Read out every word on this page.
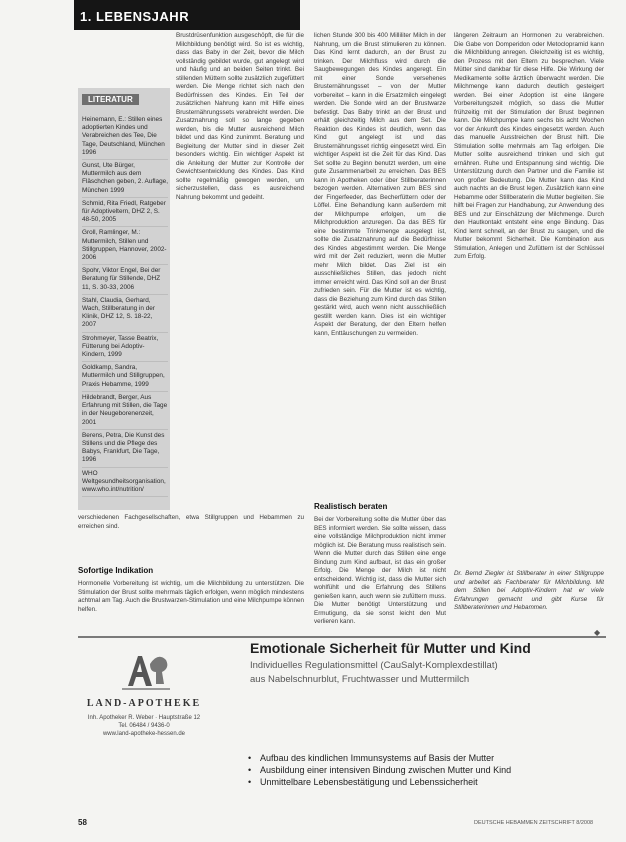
1. LEBENSJAHR
LITERATUR
Heinemann, E.: Stillen eines adoptierten Kindes und Verabreichen des Tee, Die Tage, Deutschland, München 1996
Gunst, Ute Bürger, Muttermilch aus dem Fläschchen geben, 2. Auflage, München 1999
Schmid, Rita Friedl, Ratgeber für Adoptiveltern, DHZ 2, S. 48-50, 2005
Groll, Ramlinger, M.: Muttermilch, Stillen und Stillgruppen, Hannover, 2002-2006
Spohr, Viktor Engel, Bei der Beratung für Stillende, DHZ 11, S. 30-33, 2006
Stahl, Claudia, Gerhard, Wach, Stillberatung in der Klinik, DHZ 12, S. 18-22, 2007
Strohmeyer, Tasse Beatrix, Fütterung bei Adoptiv-Kindern, 1999
Goldkamp, Sandra, Muttermilch und Stillgruppen, Praxis Hebamme, 1999
Hildebrandt, Berger, Aus Erfahrung mit Stillen, die Tage in der Neugeborenenzeit, 2001
Berens, Petra, Die Kunst des Stillens und die Pflege des Babys, Frankfurt, Die Tage, 1996
WHO Weltgesundheitsorganisation, www.who.int/nutrition/

Brustdrüsenfunktion ausgeschöpft, die für die Milchbildung benötigt wird. So ist es wichtig, dass das Baby in der Zeit, bevor die Milch vollständig gebildet wurde, gut angelegt wird und häufig und an beiden Seiten trinkt. Bei stillenden Müttern sollte zusätzlich zugefüttert werden. Die Menge richtet sich nach den Bedürfnissen des Kindes. Ein Teil der zusätzlichen Nahrung kann mit Hilfe eines Brusternährungssets verabreicht werden. Die Zusatznahrung soll so lange gegeben werden, bis die Mutter ausreichend Milch bildet und das Kind zunimmt. Beratung und Begleitung der Mutter sind in dieser Zeit besonders wichtig. Ein wichtiger Aspekt ist die Anleitung der Mutter zur Kontrolle der Gewichtsentwicklung des Kindes. Das Kind sollte regelmäßig gewogen werden, um sicherzustellen, dass es ausreichend Nahrung bekommt und gedeiht.

verschiedenen Fachgesellschaften, etwa Stillgruppen und Hebammen zu erreichen sind.

Sofortige Indikation

Hormonelle Vorbereitung ist wichtig, um die Milchbildung zu unterstützen. Die Stimulation der Brust sollte mehrmals täglich erfolgen, wenn möglich mindestens achtmal am Tag. Auch die Brustwarzen-Stimulation und eine Milchpumpe können helfen.

lichen Stunde 300 bis 400 Milliliter Milch in der Nahrung, um die Brust stimulieren zu können. Das Kind lernt dadurch, an der Brust zu trinken. Der Milchfluss wird durch die Saugbewegungen des Kindes angeregt. Ein mit einer Sonde versehenes Brusternährungsset – von der Mutter vorbereitet – kann in die Ersatzmilch eingelegt werden. Die Sonde wird an der Brustwarze befestigt. Das Baby trinkt an der Brust und erhält gleichzeitig Milch aus dem Set. Die Reaktion des Kindes ist deutlich, wenn das Kind gut angelegt ist und das Brusternährungsset richtig eingesetzt wird. Ein wichtiger Aspekt ist die Zeit für das Kind. Das Set sollte zu Beginn benutzt werden, um eine gute Zusammenarbeit zu erreichen. Das BES kann in Apotheken oder über Stillberaterinnen bezogen werden. Alternativen zum BES sind der Fingerfeeder, das Becherfüttern oder der Löffel. Eine Behandlung kann außerdem mit der Milchpumpe erfolgen, um die Milchproduktion anzuregen. Da das BES für eine bestimmte Trinkmenge ausgelegt ist, sollte die Zusatznahrung auf die Bedürfnisse des Kindes abgestimmt werden. Die Menge wird mit der Zeit reduziert, wenn die Mutter mehr Milch bildet. Das Ziel ist ein ausschließliches Stillen, das jedoch nicht immer erreicht wird. Das Kind soll an der Brust zufrieden sein. Für die Mutter ist es wichtig, dass die Beziehung zum Kind durch das Stillen gestärkt wird, auch wenn nicht ausschließlich gestillt werden kann. Dies ist ein wichtiger Aspekt der Beratung, der den Eltern helfen kann, Enttäuschungen zu vermeiden.

Realistisch beraten

Bei der Vorbereitung sollte die Mutter über das BES informiert werden. Sie sollte wissen, dass eine vollständige Milchproduktion nicht immer möglich ist. Die Beratung muss realistisch sein. Wenn die Mutter durch das Stillen eine enge Bindung zum Kind aufbaut, ist das ein großer Erfolg. Die Menge der Milch ist nicht entscheidend. Wichtig ist, dass die Mutter sich wohlfühlt und die Erfahrung des Stillens genießen kann, auch wenn sie zufüttern muss. Die Mutter benötigt Unterstützung und Ermutigung, da sie sonst leicht den Mut verlieren kann.

längeren Zeitraum an Hormonen zu verabreichen. Die Gabe von Domperidon oder Metoclopramid kann die Milchbildung anregen. Gleichzeitig ist es wichtig, den Prozess mit den Eltern zu besprechen. Viele Mütter sind dankbar für diese Hilfe. Die Wirkung der Medikamente sollte ärztlich überwacht werden. Die Milchmenge kann dadurch deutlich gesteigert werden. Bei einer Adoption ist eine längere Vorbereitungszeit möglich, so dass die Mutter frühzeitig mit der Stimulation der Brust beginnen kann. Die Milchpumpe kann sechs bis acht Wochen vor der Ankunft des Kindes eingesetzt werden. Auch das manuelle Ausstreichen der Brust hilft. Die Stimulation sollte mehrmals am Tag erfolgen. Die Mutter sollte ausreichend trinken und sich gut ernähren. Ruhe und Entspannung sind wichtig. Die Unterstützung durch den Partner und die Familie ist von großer Bedeutung. Die Mutter kann das Kind auch nachts an die Brust legen. Zusätzlich kann eine Hebamme oder Stillberaterin die Mutter begleiten. Sie hilft bei Fragen zur Handhabung, zur Anwendung des BES und zur Einschätzung der Milchmenge. Durch den Hautkontakt entsteht eine enge Bindung. Das Kind lernt schnell, an der Brust zu saugen, und die Mutter bekommt Sicherheit. Die Kombination aus Stimulation, Anlegen und Zufüttern ist der Schlüssel zum Erfolg.

Dr. Bernd Ziegler ist Stillberater in einer Stillgruppe und arbeitet als Fachberater für Milchbildung. Mit dem Stillen bei Adoptiv-Kindern hat er viele Erfahrungen gemacht und gibt Kurse für Stillberaterinnen und Hebammen.

◆
LAND-APOTHEKE
Inh. Apotheker R. Weber · Hauptstraße 12
Tel. 06484 / 9436-0
www.land-apotheke-hessen.de
Emotionale Sicherheit für Mutter und Kind
Individuelles Regulationsmittel (CauSalyt-Komplexdestillat)
aus Nabelschnurblut, Fruchtwasser und Muttermilch
• Aufbau des kindlichen Immunsystems auf Basis der Mutter
• Ausbildung einer intensiven Bindung zwischen Mutter und Kind
• Unmittelbare Lebensbestätigung und Lebenssicherheit
58	DEUTSCHE HEBAMMEN ZEITSCHRIFT 8/2008
